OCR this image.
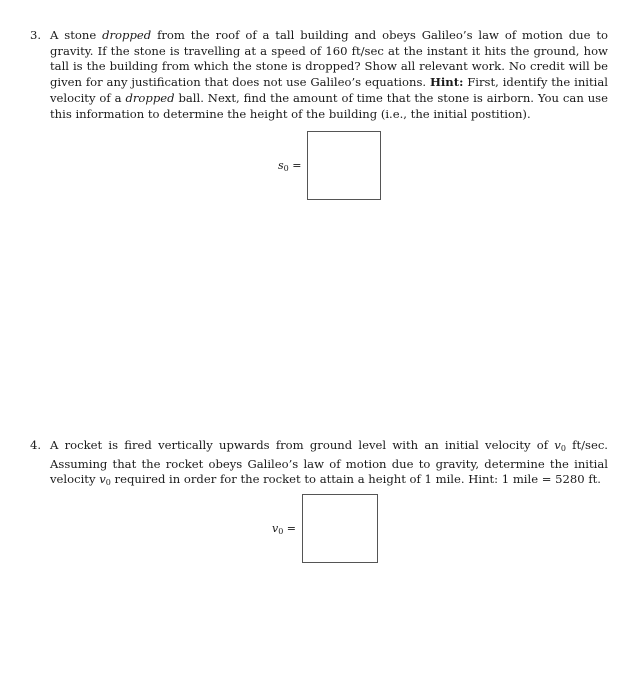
3. A stone dropped from the roof of a tall building and obeys Galileo’s law of motion due to gravity. If the stone is travelling at a speed of 160 ft/sec at the instant it hits the ground, how tall is the building from which the stone is dropped? Show all relevant work. No credit will be given for any justification that does not use Galileo’s equations. Hint: First, identify the initial velocity of a dropped ball. Next, find the amount of time that the stone is airborn. You can use this information to determine the height of the building (i.e., the initial postition).

$s_0$ =

4. A rocket is fired vertically upwards from ground level with an initial velocity of $v_0$ ft/sec. Assuming that the rocket obeys Galileo’s law of motion due to gravity, determine the initial velocity $v_0$ required in order for the rocket to attain a height of 1 mile. Hint: 1 mile = 5280 ft.

$v_0$ =
